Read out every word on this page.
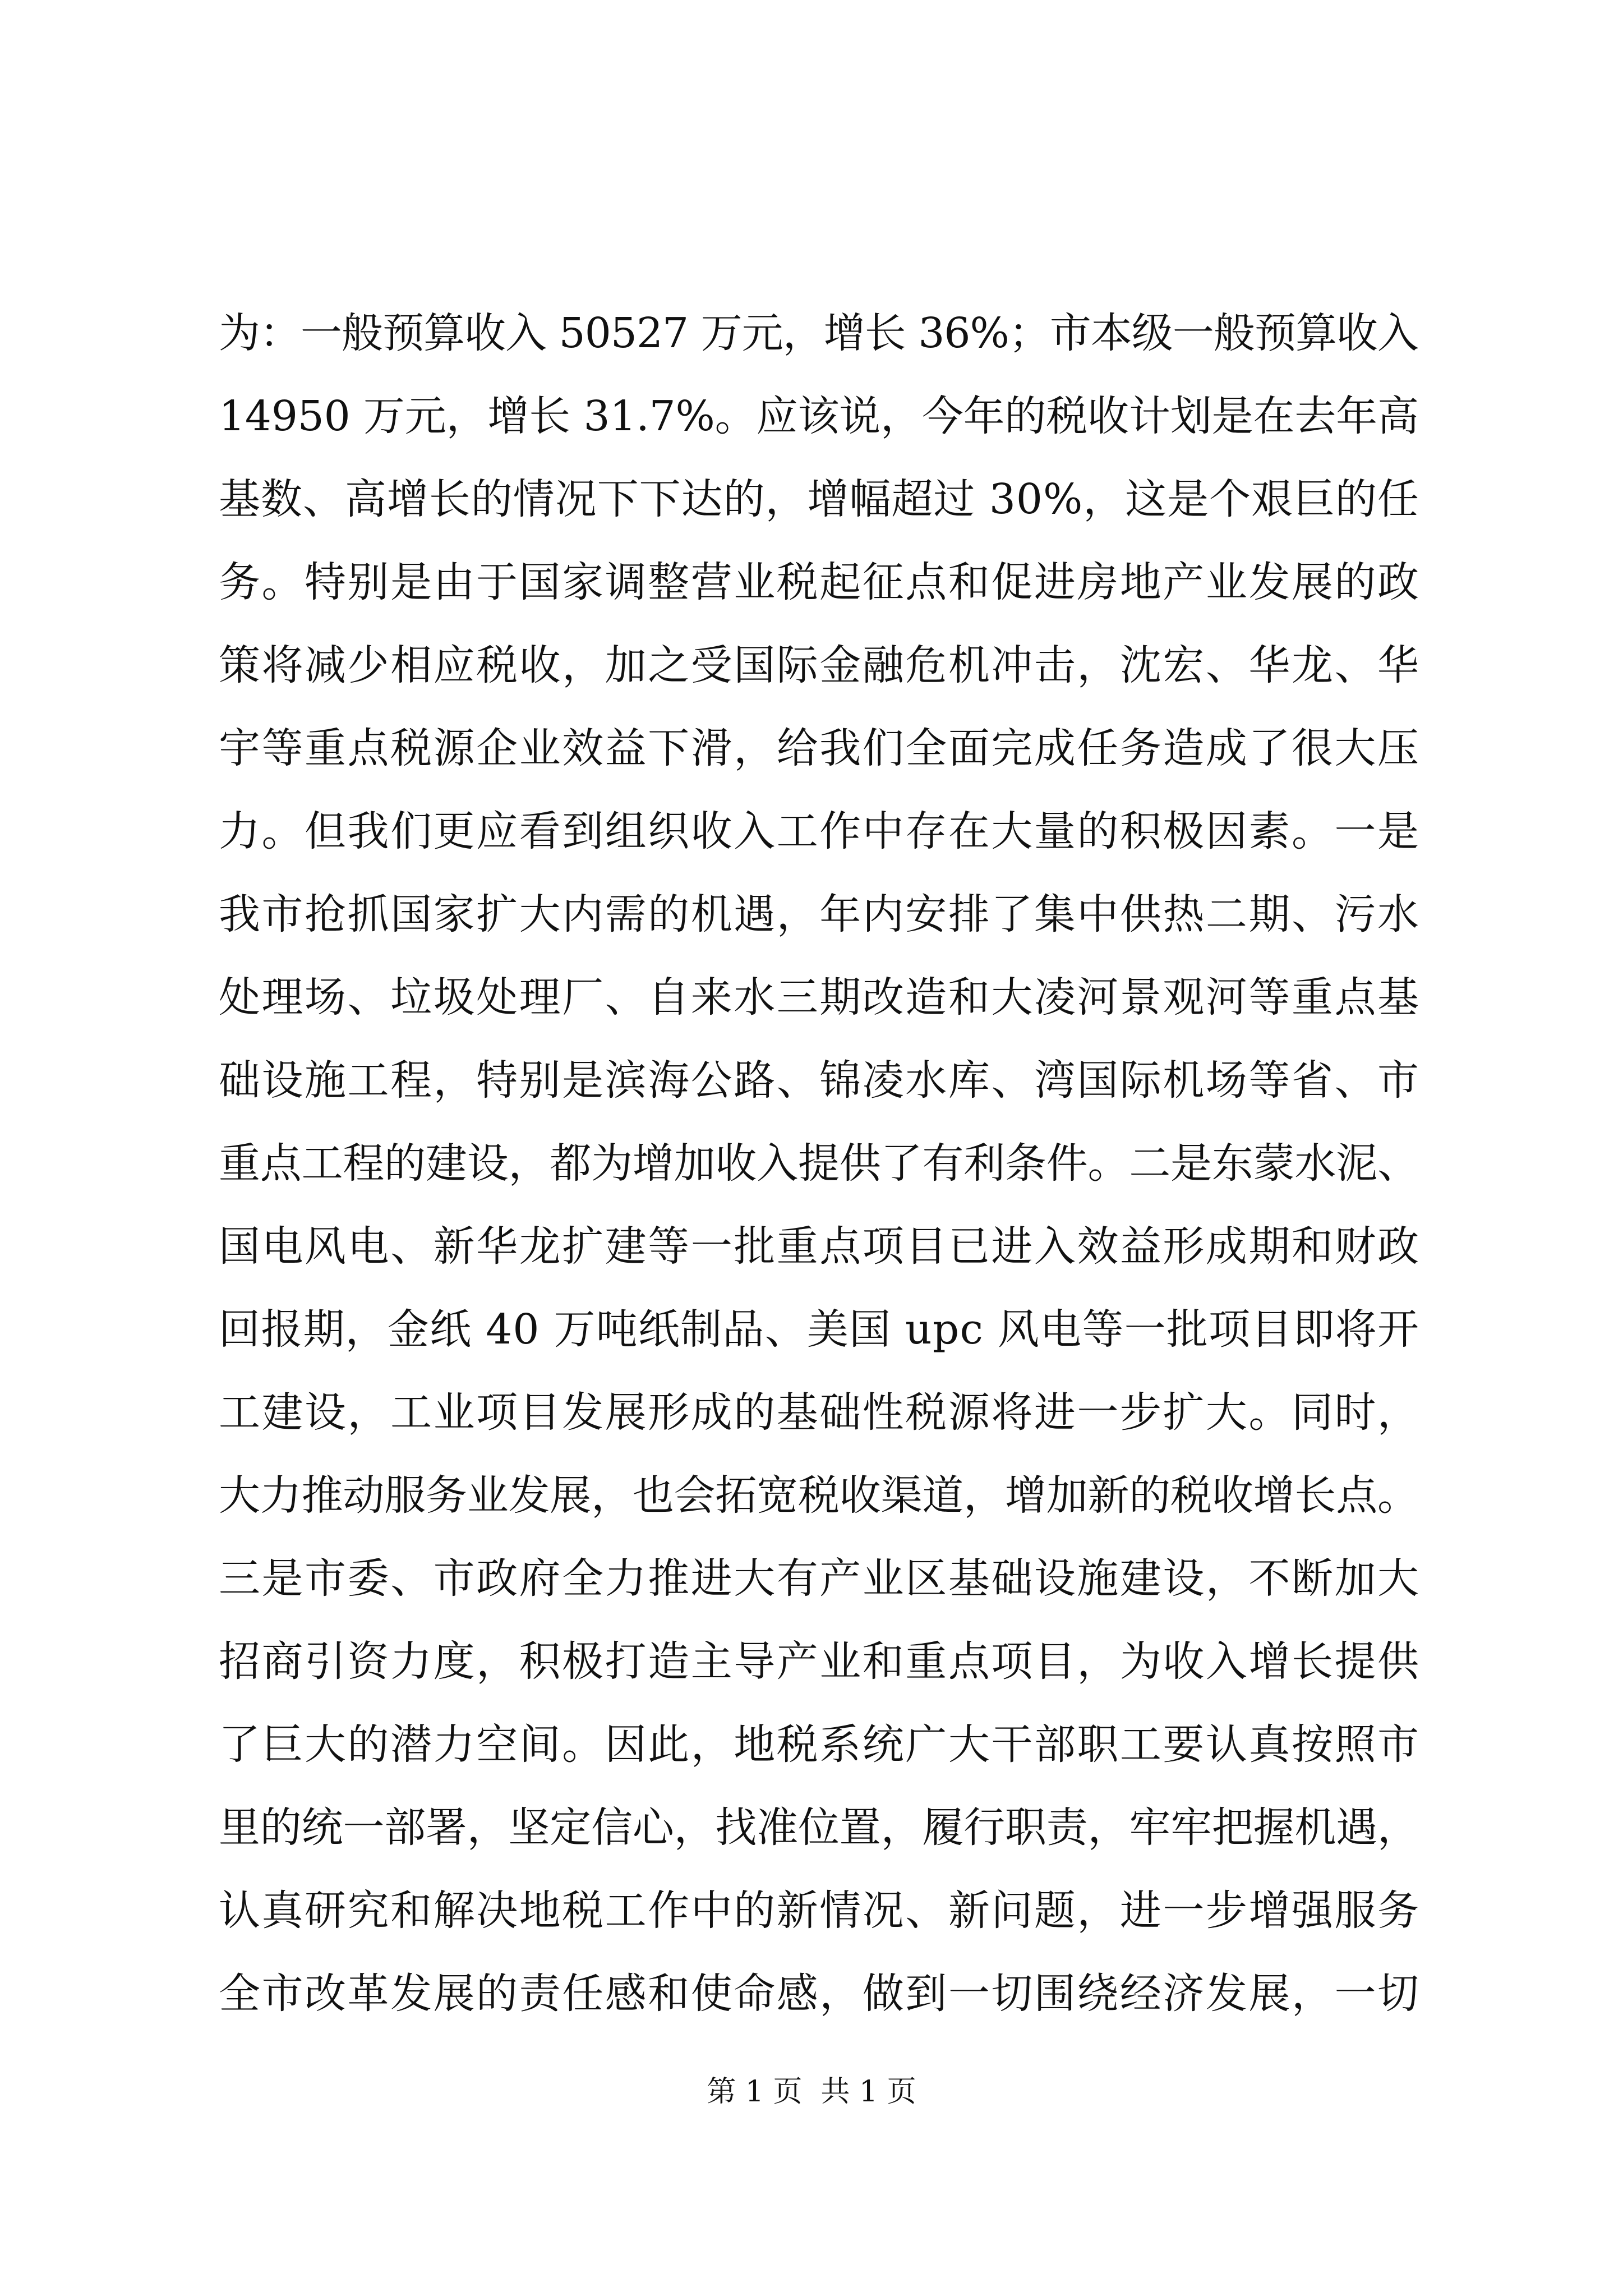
为：一般预算收入 50527 万元，增长 36%；市本级一般预算收入
14950 万元，增长 31.7%。应该说，今年的税收计划是在去年高
基数、高增长的情况下下达的，增幅超过 30%，这是个艰巨的任
务。特别是由于国家调整营业税起征点和促进房地产业发展的政
策将减少相应税收，加之受国际金融危机冲击，沈宏、华龙、华
宇等重点税源企业效益下滑，给我们全面完成任务造成了很大压
力。但我们更应看到组织收入工作中存在大量的积极因素。一是
我市抢抓国家扩大内需的机遇，年内安排了集中供热二期、污水
处理场、垃圾处理厂、自来水三期改造和大凌河景观河等重点基
础设施工程，特别是滨海公路、锦凌水库、湾国际机场等省、市
重点工程的建设，都为增加收入提供了有利条件。二是东蒙水泥、
国电风电、新华龙扩建等一批重点项目已进入效益形成期和财政
回报期，金纸 40 万吨纸制品、美国 upc 风电等一批项目即将开
工建设，工业项目发展形成的基础性税源将进一步扩大。同时，
大力推动服务业发展，也会拓宽税收渠道，增加新的税收增长点。
三是市委、市政府全力推进大有产业区基础设施建设，不断加大
招商引资力度，积极打造主导产业和重点项目，为收入增长提供
了巨大的潜力空间。因此，地税系统广大干部职工要认真按照市
里的统一部署，坚定信心，找准位置，履行职责，牢牢把握机遇，
认真研究和解决地税工作中的新情况、新问题，进一步增强服务
全市改革发展的责任感和使命感，做到一切围绕经济发展，一切
第 1 页  共 1 页
